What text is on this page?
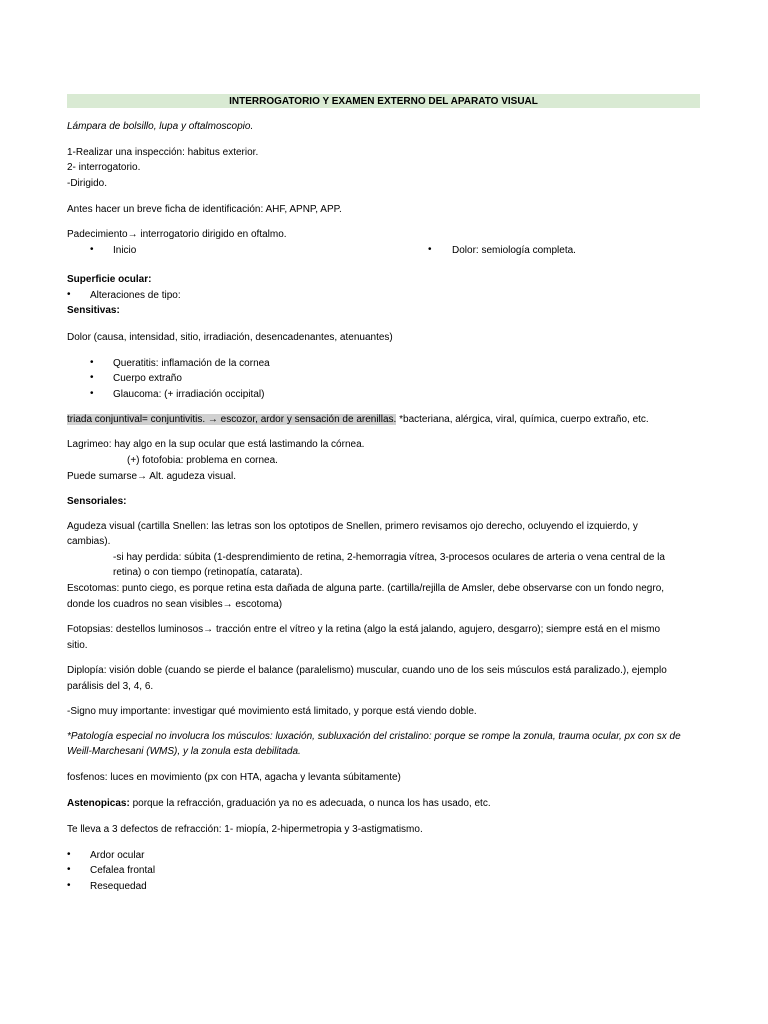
INTERROGATORIO Y EXAMEN EXTERNO DEL APARATO VISUAL
Lámpara de bolsillo, lupa y oftalmoscopio.
1-Realizar una inspección: habitus exterior.
2- interrogatorio.
-Dirigido.
Antes hacer un breve ficha de identificación: AHF, APNP, APP.
Padecimiento→ interrogatorio dirigido en oftalmo.
• Inicio	• Dolor: semiología completa.
Superficie ocular:
• Alteraciones de tipo:
Sensitivas:
Dolor (causa, intensidad, sitio, irradiación, desencadenantes, atenuantes)
• Queratitis: inflamación de la cornea
• Cuerpo extraño
• Glaucoma: (+ irradiación occipital)
triada conjuntival= conjuntivitis. → escozor, ardor y sensación de arenillas. *bacteriana, alérgica, viral, química, cuerpo extraño, etc.
Lagrimeo: hay algo en la sup ocular que está lastimando la córnea.
(+) fotofobia: problema en cornea.
Puede sumarse→ Alt. agudeza visual.
Sensoriales:
Agudeza visual (cartilla Snellen: las letras son los optotipos de Snellen, primero revisamos ojo derecho, ocluyendo el izquierdo, y
cambias).
-si hay perdida: súbita (1-desprendimiento de retina, 2-hemorragia vítrea, 3-procesos oculares de arteria o vena central de la
retina) o con tiempo (retinopatía, catarata).
Escotomas: punto ciego, es porque retina esta dañada de alguna parte. (cartilla/rejilla de Amsler, debe observarse con un fondo negro,
donde los cuadros no sean visibles→ escotoma)
Fotopsias: destellos luminosos→ tracción entre el vítreo y la retina (algo la está jalando, agujero, desgarro); siempre está en el mismo
sitio.
Diplopía: visión doble (cuando se pierde el balance (paralelismo) muscular, cuando uno de los seis músculos está paralizado.), ejemplo
parálisis del 3, 4, 6.
-Signo muy importante: investigar qué movimiento está limitado, y porque está viendo doble.
*Patología especial no involucra los músculos: luxación, subluxación del cristalino: porque se rompe la zonula, trauma ocular, px con sx de
Weill-Marchesani (WMS), y la zonula esta debilitada.
fosfenos: luces en movimiento (px con HTA, agacha y levanta súbitamente)
Astenopicas: porque la refracción, graduación ya no es adecuada, o nunca los has usado, etc.
Te lleva a 3 defectos de refracción: 1- miopía, 2-hipermetropia y 3-astigmatismo.
• Ardor ocular
• Cefalea frontal
• Resequedad
